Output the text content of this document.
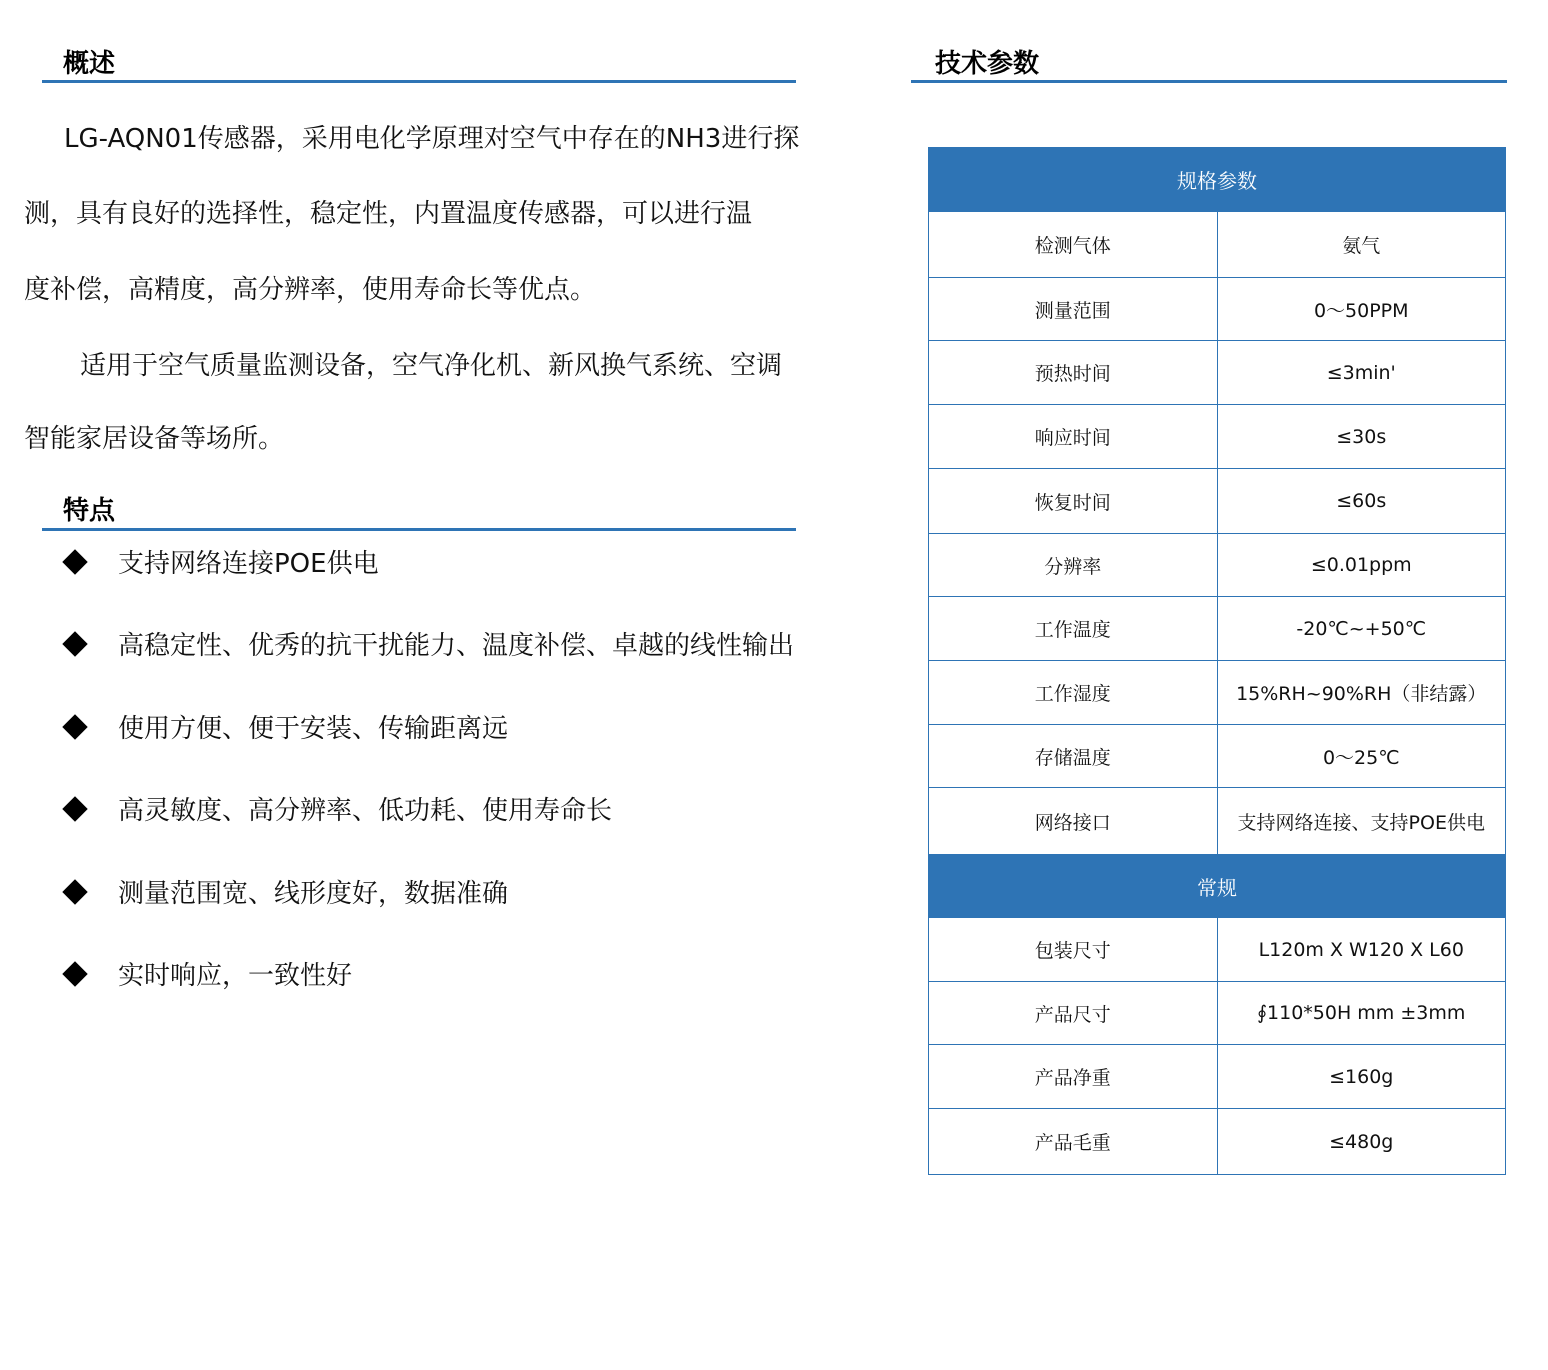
概述
LG-AQN01传感器，采用电化学原理对空气中存在的NH3进行探
测，具有良好的选择性，稳定性，内置温度传感器，可以进行温
度补偿，高精度，高分辨率，使用寿命长等优点。
适用于空气质量监测设备，空气净化机、新风换气系统、空调
智能家居设备等场所。
特点
支持网络连接POE供电
高稳定性、优秀的抗干扰能力、温度补偿、卓越的线性输出
使用方便、便于安装、传输距离远
高灵敏度、高分辨率、低功耗、使用寿命长
测量范围宽、线形度好，数据准确
实时响应，一致性好
技术参数
规格参数	
检测气体	氨气
测量范围	0～50PPM
预热时间	≤3min'
响应时间	≤30s
恢复时间	≤60s
分辨率	≤0.01ppm
工作温度	-20℃~+50℃
工作湿度	15%RH~90%RH（非结露）
存储温度	0～25℃
网络接口	支持网络连接、支持POE供电
常规	
包装尺寸	L120m X W120 X L60
产品尺寸	∮110*50H mm ±3mm
产品净重	≤160g
产品毛重	≤480g
